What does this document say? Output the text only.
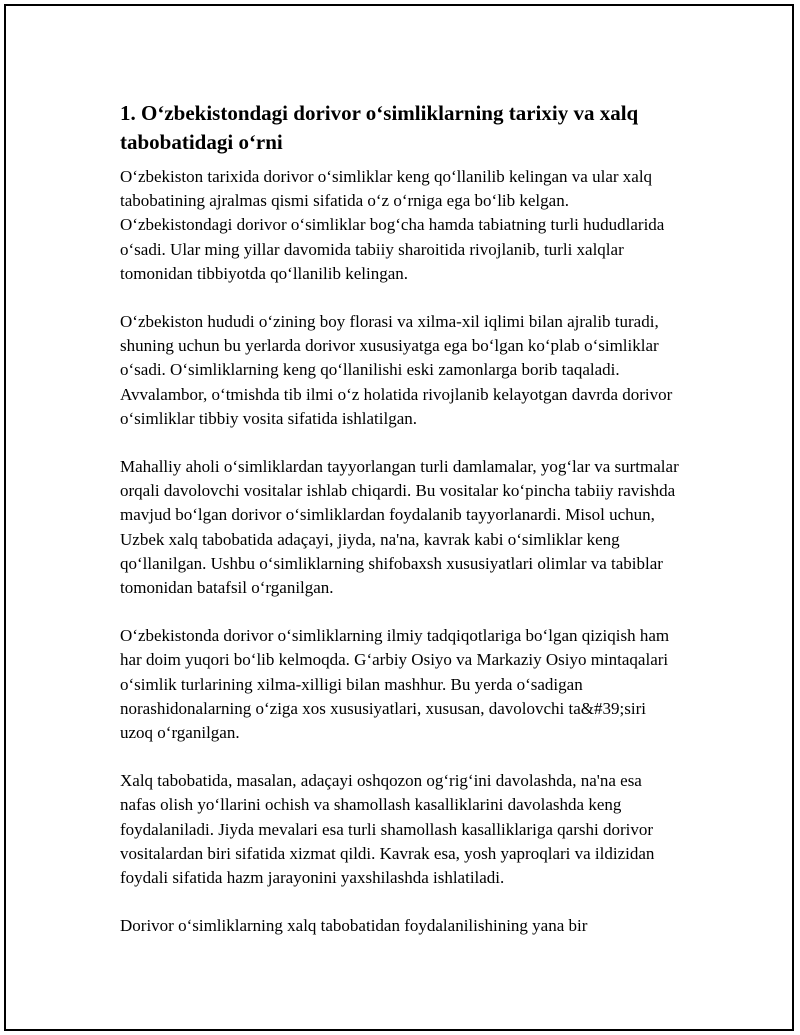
1. O‘zbekistondagi dorivor o‘simliklarning tarixiy va xalq tabobatidagi o‘rni

O‘zbekiston tarixida dorivor o‘simliklar keng qo‘llanilib kelingan va ular xalq tabobatining ajralmas qismi sifatida o‘z o‘rniga ega bo‘lib kelgan. O‘zbekistondagi dorivor o‘simliklar bog‘cha hamda tabiatning turli hududlarida o‘sadi. Ular ming yillar davomida tabiiy sharoitida rivojlanib, turli xalqlar tomonidan tibbiyotda qo‘llanilib kelingan.

O‘zbekiston hududi o‘zining boy florasi va xilma-xil iqlimi bilan ajralib turadi, shuning uchun bu yerlarda dorivor xususiyatga ega bo‘lgan ko‘plab o‘simliklar o‘sadi. O‘simliklarning keng qo‘llanilishi eski zamonlarga borib taqaladi. Avvalambor, o‘tmishda tib ilmi o‘z holatida rivojlanib kelayotgan davrda dorivor o‘simliklar tibbiy vosita sifatida ishlatilgan.

Mahalliy aholi o‘simliklardan tayyorlangan turli damlamalar, yog‘lar va surtmalar orqali davolovchi vositalar ishlab chiqardi. Bu vositalar ko‘pincha tabiiy ravishda mavjud bo‘lgan dorivor o‘simliklardan foydalanib tayyorlanardi. Misol uchun, Uzbek xalq tabobatida adaçayi, jiyda, na'na, kavrak kabi o‘simliklar keng qo‘llanilgan. Ushbu o‘simliklarning shifobaxsh xususiyatlari olimlar va tabiblar tomonidan batafsil o‘rganilgan.

O‘zbekistonda dorivor o‘simliklarning ilmiy tadqiqotlariga bo‘lgan qiziqish ham har doim yuqori bo‘lib kelmoqda. G‘arbiy Osiyo va Markaziy Osiyo mintaqalari o‘simlik turlarining xilma-xilligi bilan mashhur. Bu yerda o‘sadigan norashidonalarning o‘ziga xos xususiyatlari, xususan, davolovchi ta&#39;siri uzoq o‘rganilgan.

Xalq tabobatida, masalan, adaçayi oshqozon og‘rig‘ini davolashda, na'na esa nafas olish yo‘llarini ochish va shamollash kasalliklarini davolashda keng foydalaniladi. Jiyda mevalari esa turli shamollash kasalliklariga qarshi dorivor vositalardan biri sifatida xizmat qildi. Kavrak esa, yosh yaproqlari va ildizidan foydali sifatida hazm jarayonini yaxshilashda ishlatiladi.

Dorivor o‘simliklarning xalq tabobatidan foydalanilishining yana bir
